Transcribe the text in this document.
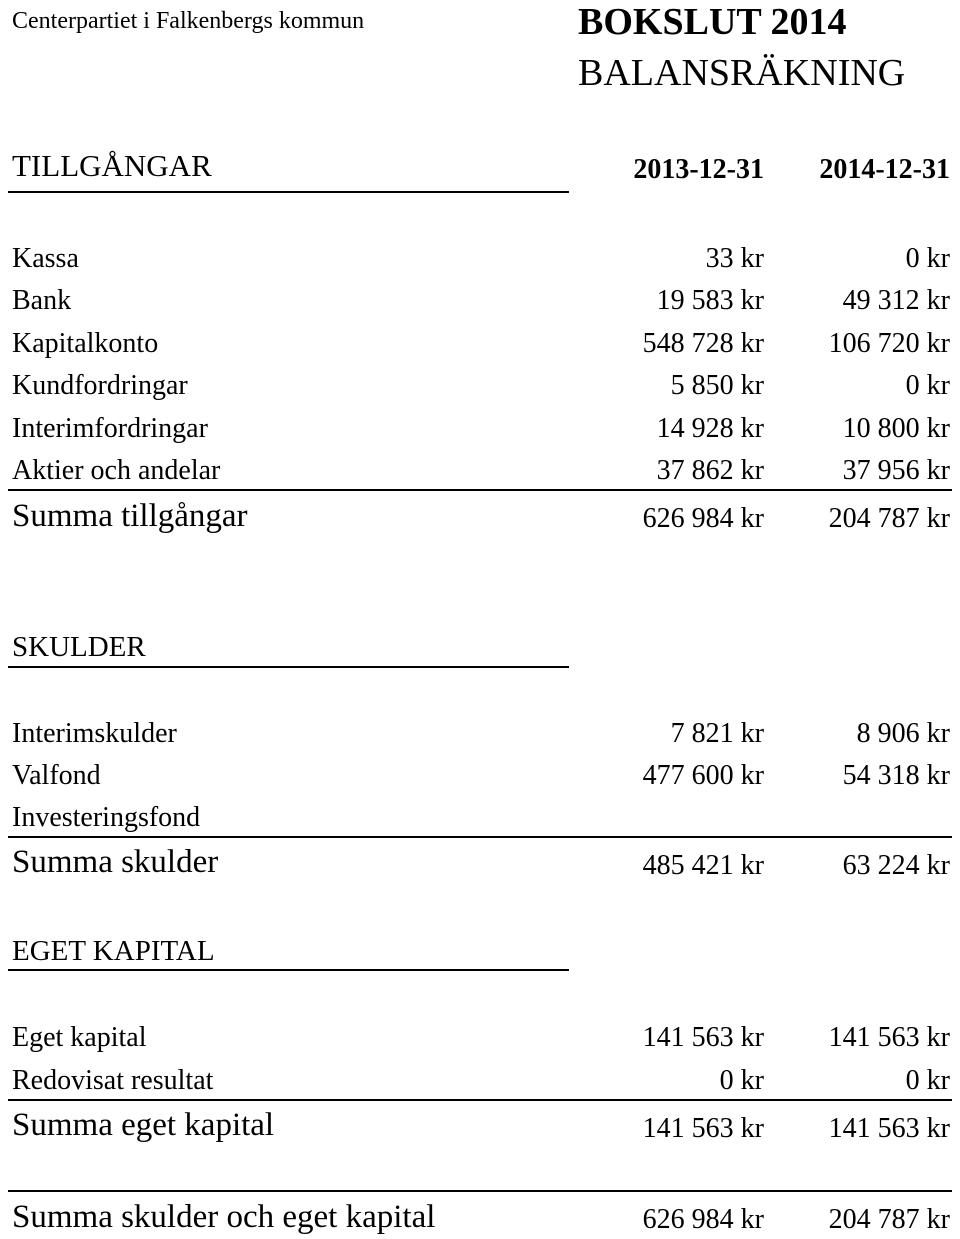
Centerpartiet i Falkenbergs kommun	BOKSLUT 2014
BALANSRÄKNING
TILLGÅNGAR	2013-12-31 2014-12-31
Kassa	33 kr	0 kr
Bank	19 583 kr	49 312 kr
Kapitalkonto	548 728 kr 106 720 kr
Kundfordringar	5 850 kr	0 kr
Interimfordringar	14 928 kr	10 800 kr
Aktier och andelar	37 862 kr	37 956 kr
Summa tillgångar	626 984 kr 204 787 kr
SKULDER
Interimskulder	7 821 kr	8 906 kr
Valfond	477 600 kr	54 318 kr
Investeringsfond
Summa skulder	485 421 kr	63 224 kr
EGET KAPITAL
Eget kapital	141 563 kr 141 563 kr
Redovisat resultat	0 kr	0 kr
Summa eget kapital	141 563 kr 141 563 kr
Summa skulder och eget kapital	626 984 kr 204 787 kr
